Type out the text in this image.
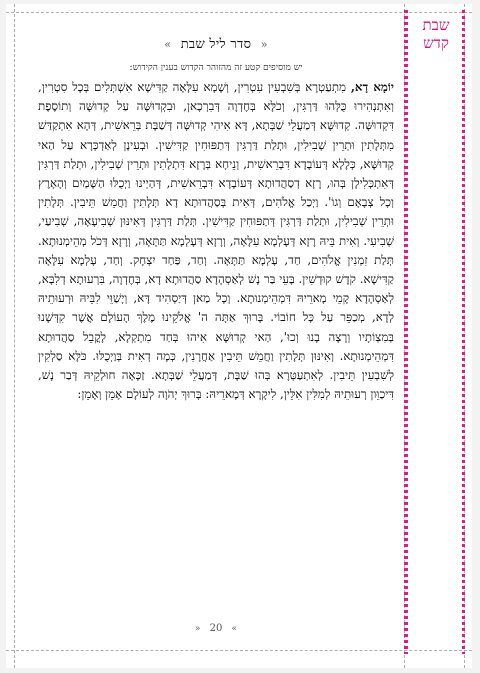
שבת
קדש
« סדר ליל שבת »
יש מוסיפים קטע זה מהזוהר הקדוש בענין הקידוש:
יוֹמָא דָא, מִתְעַטְרָא בְּשִׁבְעִין עִטְרִין, וְשָׁמָא עִלָּאָה קַדִּישָׁא אִשְׁתְּלִים בְּכָל סִטְרִין, וְאִתְנְהִירוּ כֻּלְּהוּ דַּרְגִּין, וְכֹלָּא בְּחֶדְוָה דְּבִרְכָאן, וּבִקְדוּשָּׁה עַל קְדוּשָּׁה וְתוֹסֶפֶת דִּקְדוּשָּׁה. קְדוּשָּׁא דְּמַעֲלֵי שַׁבְּתָא, דָּא אִיהִי קְדוּשָּׁה דְּשַׁבָּת בְּרֵאשִׁית, דְּהָא אִתְקַדַּשׁ מִתְּלָתִין וּתְרֵין שְׁבִילִין, וּתְלַת דַּרְגִּין דְּתַפּוּחִין קַדִּישִׁין. וּבְעִינָן לְאַדְכְּרָא עַל הַאי קְדוּשָּׁא, כְּלָלָא דְּעוֹבָדָא דִּבְרֵאשִׁית, וְנֵיחָא בְּרָזָא דִּתְלָתִין וּתְרֵין שְׁבִילִין, וּתְלַת דַּרְגִּין דְּאִתְכְּלִילָן בְּהוּ, רָזָא דְסַהֲדוּתָא דְּעוֹבָדָא דִּבְרֵאשִׁית, דְּהַיְינוּ וַיְכֻלּוּ הַשָּׁמַיִם וְהָאָרֶץ וְכָל צְבָאָם וְגוֹ'. וַיְכַל אֱלֹהִים, דְּאִית בְּסַהֲדוּתָא דָא תְּלָתִין וַחֲמֵשׁ תֵּיבִין. תְּלָתִין וּתְרֵין שְׁבִילִין, וּתְלַת דַּרְגִּין דְּתַפּוּחִין קַדִּישִׁין. תְּלַת דַּרְגִּין דְּאִינּוּן שְׁבִיעָאָה, שְׁבִיעַי, שְׁבִיעִי. וְאִית בֵּיהּ רָזָא דְּעָלְמָא עִלָּאָה, וְרָזָא דְּעָלְמָא תַּתָּאָה, וְרָזָא דְּכֹל מְהֵימְנוּתָא. תְּלַת זִמְנִין אֱלֹהִים, חַד, עָלְמָא תַּתָּאָה. וְחַד, פַּחַד יִצְחָק. וְחַד, עָלְמָא עִלָּאָה קַדִּישָׁא. קֹדֶשׁ קוּדְשִׁין. בָּעֵי בַּר נָשׁ לְאַסְהָדָא סַהֲדוּתָא דָא, בְּחֶדְוָה, בִּרְעוּתָא דְלִבָּא, לְאַסְהָדָא קָמֵי מָארֵיהּ דִּמְהֵימְנוּתָא. וְכָל מַאן דְּיַסְהִיד דָּא, וְיָשַׁוֵּי לִבֵּיהּ וּרְעוּתֵיהּ לְדָא, מְכַפֵּר עַל כָּל חוֹבוֹי. בָּרוּךְ אַתָּה ה' אֱלֹקֵינוּ מֶלֶךְ הָעוֹלָם אֲשֶׁר קִדְּשָׁנוּ בְּמִצְוֹתָיו וְרָצָה בָנוּ וְכוּ', הַאי קְדוּשָּׁא אִיהוּ בְּחַד מִתְקְלָא, לָקֳבֵל סַהֲדוּתָא דִּמְהֵימְנוּתָא. וְאִינּוּן תְּלָתִין וַחֲמֵשׁ תֵּיבִין אַחֲרָנִין, כְּמָה דְאִית בְּוַיְכֻלּוּ. כֹּלָּא סַלְקִין לְשִׁבְעִין תֵּיבִין. לְאִתְעַטְּרָא בְּהוּ שַׁבָּת, דְּמַעֲלֵי שַׁבְּתָא. זַכָּאָה חוּלְקֵיהּ דְּבַר נָשׁ, דִּיכַוֵּון רְעוּתֵיהּ לְמִלִּין אִלֵּין, לִיקָרָא דְּמָארֵיהּ: בָּרוּךְ יְהֹוָה לְעוֹלָם אָמֵן וְאָמֵן:
» 20 «
